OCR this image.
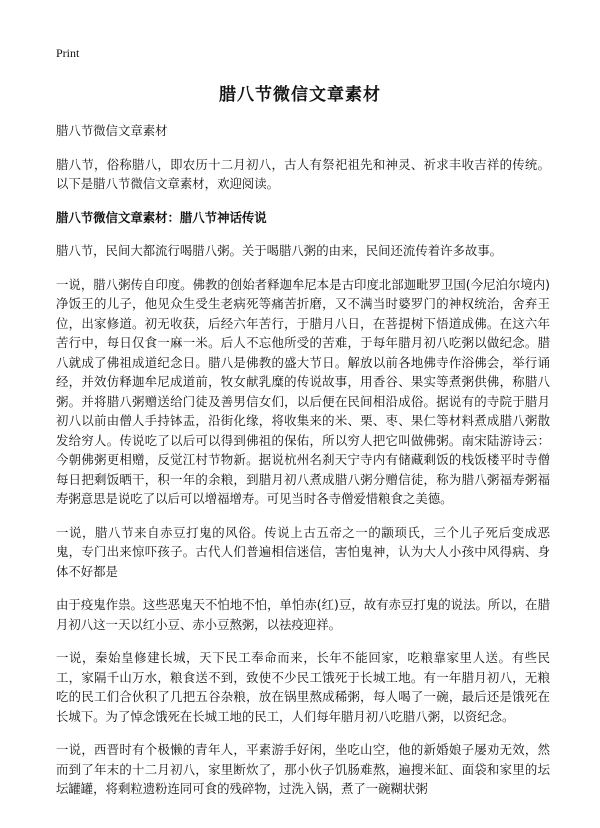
Print
腊八节微信文章素材

腊八节微信文章素材

腊八节，俗称腊八，即农历十二月初八，古人有祭祀祖先和神灵、祈求丰收吉祥的传统。以下是腊八节微信文章素材，欢迎阅读。

腊八节微信文章素材：腊八节神话传说

腊八节，民间大都流行喝腊八粥。关于喝腊八粥的由来，民间还流传着许多故事。

一说，腊八粥传自印度。佛教的创始者释迦牟尼本是古印度北部迦毗罗卫国(今尼泊尔境内)净饭王的儿子，他见众生受生老病死等痛苦折磨，又不满当时婆罗门的神权统治，舍弃王位，出家修道。初无收获，后经六年苦行，于腊月八日，在菩提树下悟道成佛。在这六年苦行中，每日仅食一麻一米。后人不忘他所受的苦难，于每年腊月初八吃粥以做纪念。腊八就成了佛祖成道纪念日。腊八是佛教的盛大节日。解放以前各地佛寺作浴佛会，举行诵经，并效仿释迦牟尼成道前，牧女献乳糜的传说故事，用香谷、果实等煮粥供佛，称腊八粥。并将腊八粥赠送给门徒及善男信女们，以后便在民间相沿成俗。据说有的寺院于腊月初八以前由僧人手持钵盂，沿街化缘，将收集来的米、栗、枣、果仁等材料煮成腊八粥散发给穷人。传说吃了以后可以得到佛祖的保佑，所以穷人把它叫做佛粥。南宋陆游诗云：今朝佛粥更相赠，反觉江村节物新。据说杭州名刹天宁寺内有储藏剩饭的栈饭楼平时寺僧每日把剩饭晒干，积一年的余粮，到腊月初八煮成腊八粥分赠信徒，称为腊八粥福寿粥福寿粥意思是说吃了以后可以增福增寿。可见当时各寺僧爱惜粮食之美德。

一说，腊八节来自赤豆打鬼的风俗。传说上古五帝之一的颛顼氏，三个儿子死后变成恶鬼，专门出来惊吓孩子。古代人们普遍相信迷信，害怕鬼神，认为大人小孩中风得病、身体不好都是

由于疫鬼作祟。这些恶鬼天不怕地不怕，单怕赤(红)豆，故有赤豆打鬼的说法。所以，在腊月初八这一天以红小豆、赤小豆熬粥，以祛疫迎祥。

一说，秦始皇修建长城，天下民工奉命而来，长年不能回家，吃粮靠家里人送。有些民工，家隔千山万水，粮食送不到，致使不少民工饿死于长城工地。有一年腊月初八，无粮吃的民工们合伙积了几把五谷杂粮，放在锅里熬成稀粥，每人喝了一碗，最后还是饿死在长城下。为了悼念饿死在长城工地的民工，人们每年腊月初八吃腊八粥，以资纪念。

一说，西晋时有个极懒的青年人，平素游手好闲，坐吃山空，他的新婚娘子屡劝无效，然而到了年末的十二月初八，家里断炊了，那小伙子饥肠难熬，遍搜米缸、面袋和家里的坛坛罐罐，将剩粒遗粉连同可食的残碎物，过洗入锅，煮了一碗糊状粥
